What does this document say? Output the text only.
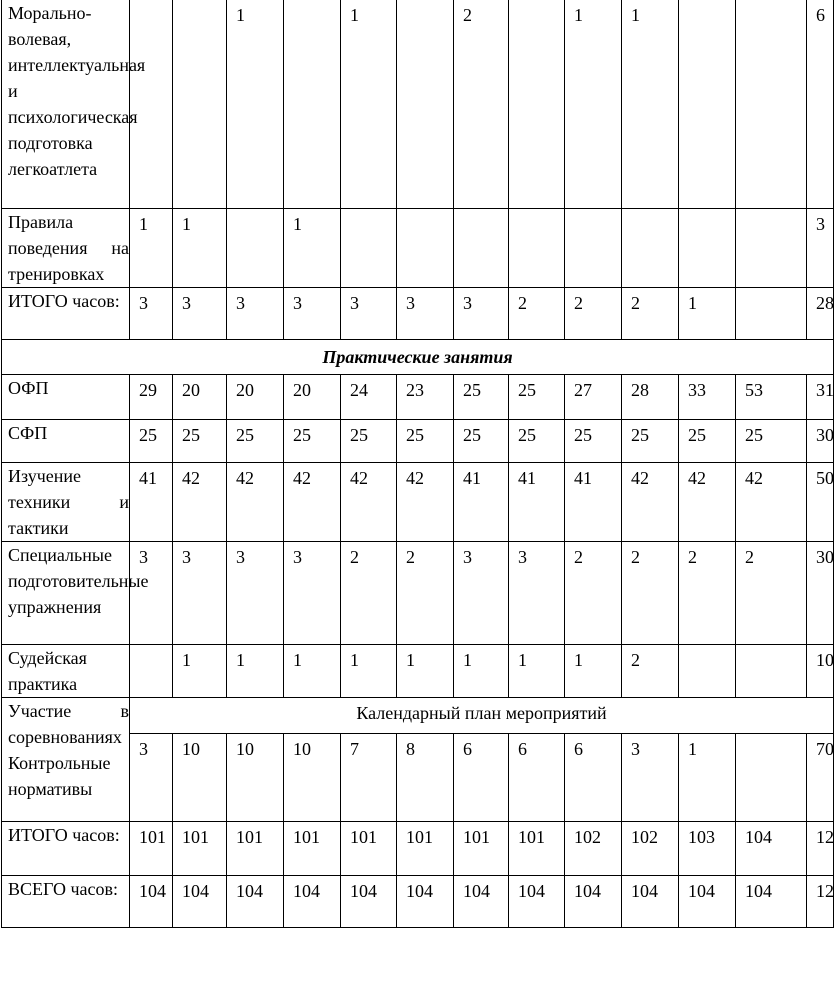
Морально-волевая, интеллектуальная и психологическая подготовка легкоатлета			1		1		2		1	1			6	
Правила поведения на тренировках	1	1		1									3	
ИТОГО часов:	3	3	3	3	3	3	3	2	2	2	1		28	
Практические занятия														
ОФП	29	20	20	20	24	23	25	25	27	28	33	53	31	
СФП	25	25	25	25	25	25	25	25	25	25	25	25	30	
Изучение техники и тактики	41	42	42	42	42	42	41	41	41	42	42	42	50	
Специальные подготовительные упражнения	3	3	3	3	2	2	3	3	2	2	2	2	30	
Судейская практика		1	1	1	1	1	1	1	1	2			10	
Участие в соревнованиях Контрольные нормативы	Календарный план мероприятий													
	3	10	10	10	7	8	6	6	6	3	1		70	
ИТОГО часов:	101	101	101	101	101	101	101	101	102	102	103	104	12	
ВСЕГО часов:	104	104	104	104	104	104	104	104	104	104	104	104	12	
